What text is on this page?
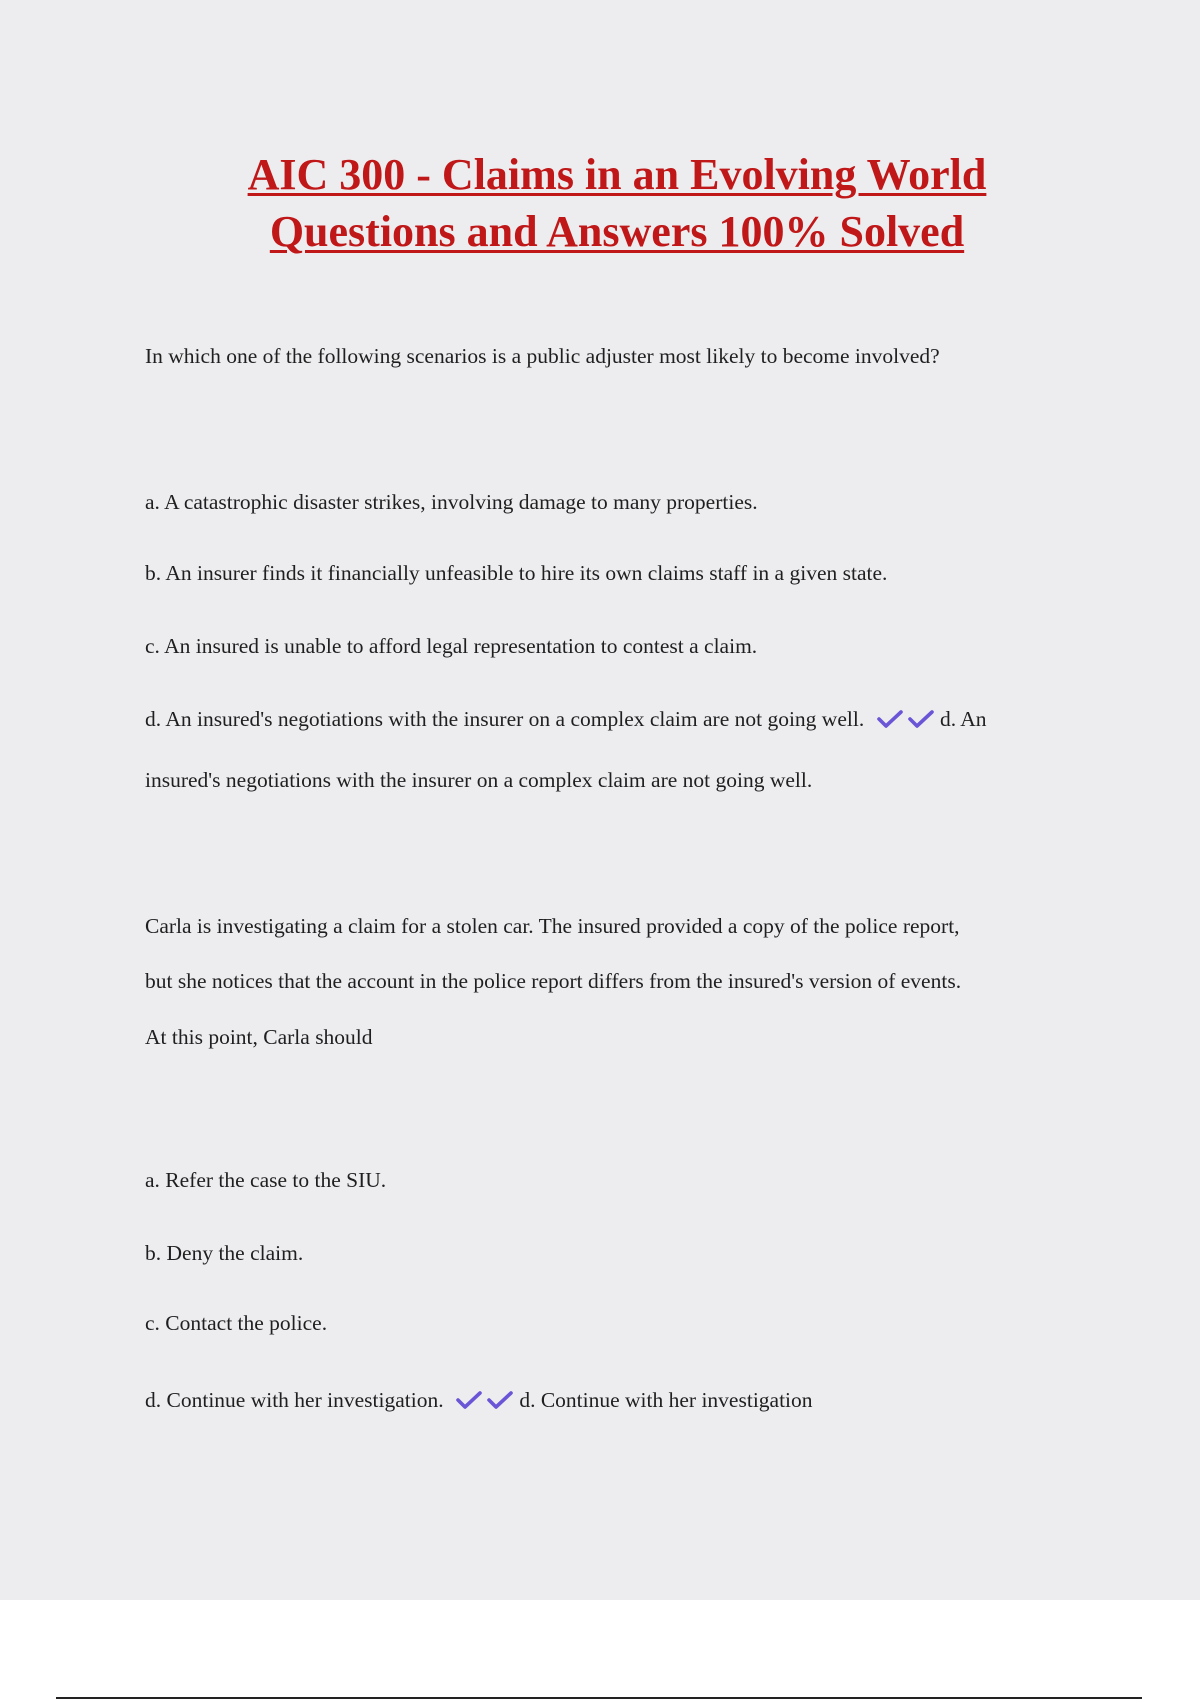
AIC 300 - Claims in an Evolving World
Questions and Answers 100% Solved
In which one of the following scenarios is a public adjuster most likely to become involved?
a. A catastrophic disaster strikes, involving damage to many properties.
b. An insurer finds it financially unfeasible to hire its own claims staff in a given state.
c. An insured is unable to afford legal representation to contest a claim.
d. An insured's negotiations with the insurer on a complex claim are not going well.	d. An
insured's negotiations with the insurer on a complex claim are not going well.
Carla is investigating a claim for a stolen car. The insured provided a copy of the police report,
but she notices that the account in the police report differs from the insured's version of events.
At this point, Carla should
a. Refer the case to the SIU.
b. Deny the claim.
c. Contact the police.
d. Continue with her investigation.	d. Continue with her investigation
